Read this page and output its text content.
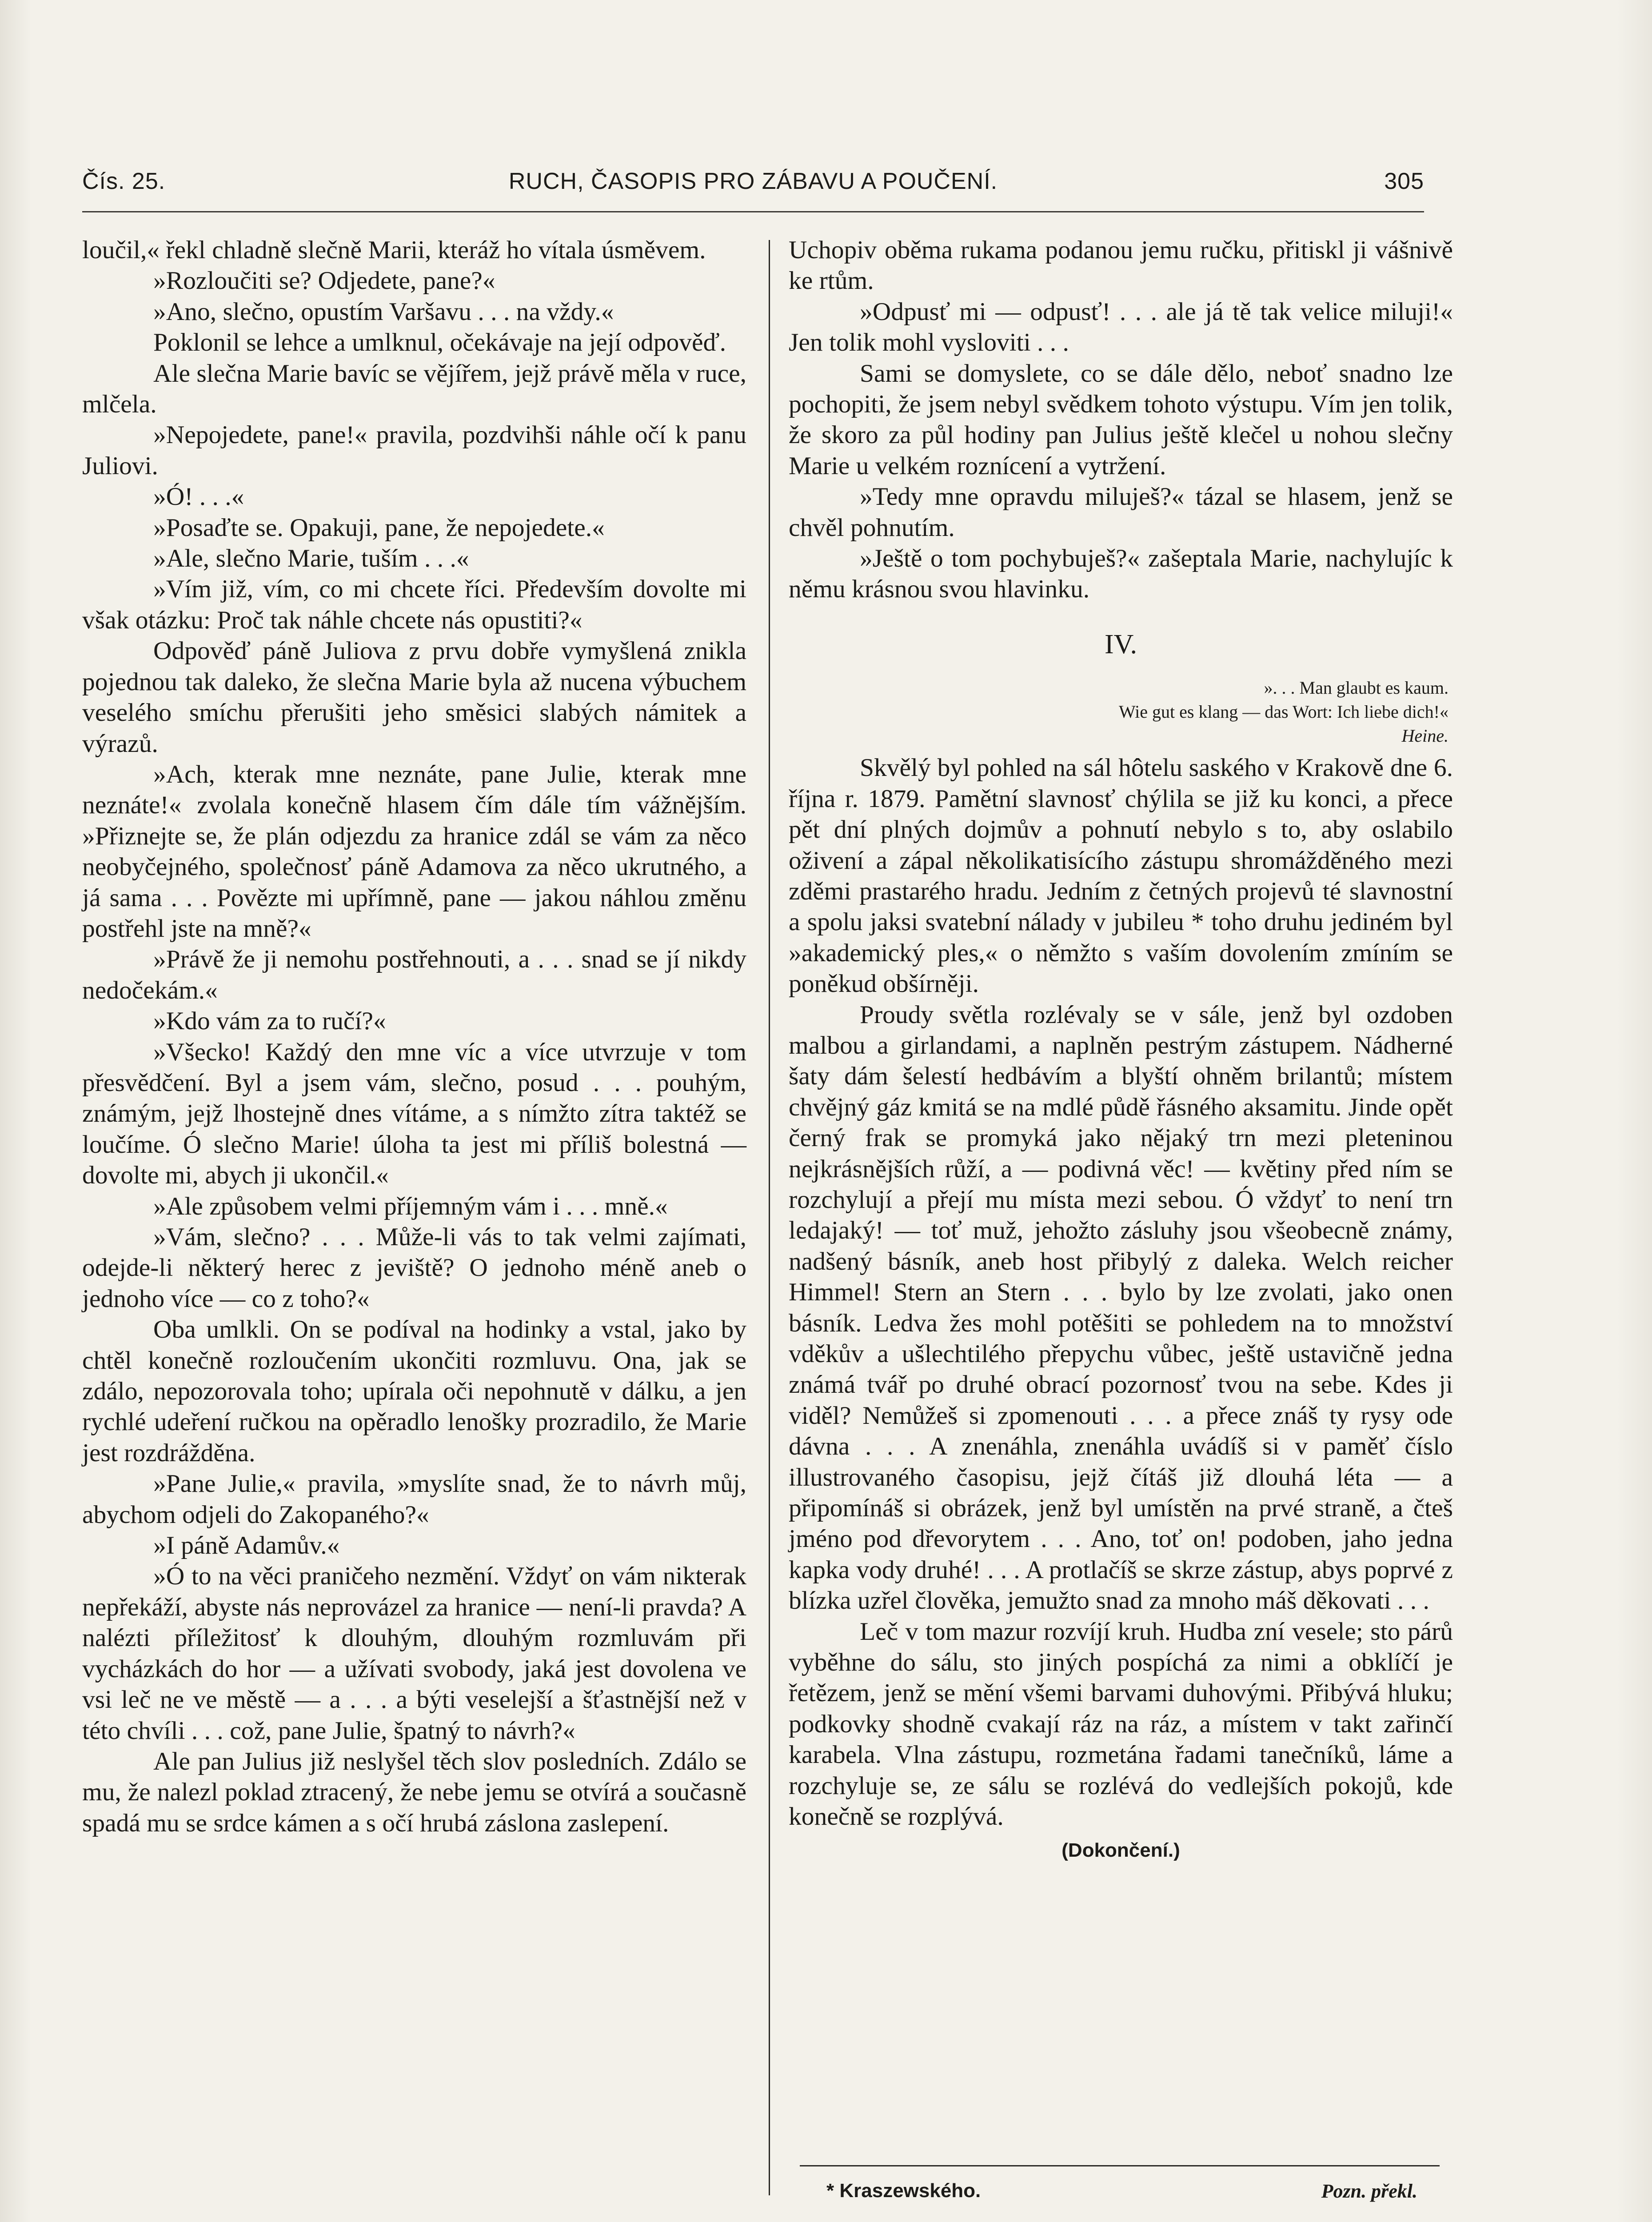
Čís. 25.	RUCH, ČASOPIS PRO ZÁBAVU A POUČENÍ.	305

loučil,« řekl chladně slečně Marii, kteráž ho vítala úsměvem.

»Rozloučiti se? Odjedete, pane?«

»Ano, slečno, opustím Varšavu . . . na vždy.«

Poklonil se lehce a umlknul, očekávaje na její odpověď.

Ale slečna Marie bavíc se vějířem, jejž právě měla v ruce, mlčela.

»Nepojedete, pane!« pravila, pozdvihši náhle očí k panu Juliovi.

»Ó! . . .«

»Posaďte se. Opakuji, pane, že nepojedete.«

»Ale, slečno Marie, tuším . . .«

»Vím již, vím, co mi chcete říci. Především dovolte mi však otázku: Proč tak náhle chcete nás opustiti?«

Odpověď páně Juliova z prvu dobře vymyšlená znikla pojednou tak daleko, že slečna Marie byla až nucena výbuchem veselého smíchu přerušiti jeho směsici slabých námitek a výrazů.

»Ach, kterak mne neznáte, pane Julie, kterak mne neznáte!« zvolala konečně hlasem čím dále tím vážnějším. »Přiznejte se, že plán odjezdu za hranice zdál se vám za něco neobyčejného, společnosť páně Adamova za něco ukrutného, a já sama . . . Povězte mi upřímně, pane — jakou náhlou změnu postřehl jste na mně?«

»Právě že ji nemohu postřehnouti, a . . . snad se jí nikdy nedočekám.«

»Kdo vám za to ručí?«

»Všecko! Každý den mne víc a více utvrzuje v tom přesvědčení. Byl a jsem vám, slečno, posud . . . pouhým, známým, jejž lhostejně dnes vítáme, a s nímžto zítra taktéž se loučíme. Ó slečno Marie! úloha ta jest mi příliš bolestná — dovolte mi, abych ji ukončil.«

»Ale způsobem velmi příjemným vám i . . . mně.«

»Vám, slečno? . . . Může-li vás to tak velmi zajímati, odejde-li některý herec z jeviště? O jednoho méně aneb o jednoho více — co z toho?«

Oba umlkli. On se podíval na hodinky a vstal, jako by chtěl konečně rozloučením ukončiti rozmluvu. Ona, jak se zdálo, nepozorovala toho; upírala oči nepohnutě v dálku, a jen rychlé udeření ručkou na opěradlo lenošky prozradilo, že Marie jest rozdrážděna.

»Pane Julie,« pravila, »myslíte snad, že to návrh můj, abychom odjeli do Zakopaného?«

»I páně Adamův.«

»Ó to na věci praničeho nezmění. Vždyť on vám nikterak nepřekáží, abyste nás neprovázel za hranice — není-li pravda? A nalézti příležitosť k dlouhým, dlouhým rozmluvám při vycházkách do hor — a užívati svobody, jaká jest dovolena ve vsi leč ne ve městě — a . . . a býti veselejší a šťastnější než v této chvíli . . . což, pane Julie, špatný to návrh?«

Ale pan Julius již neslyšel těch slov posledních. Zdálo se mu, že nalezl poklad ztracený, že nebe jemu se otvírá a současně spadá mu se srdce kámen a s očí hrubá záslona zaslepení.

Uchopiv oběma rukama podanou jemu ručku, přitiskl ji vášnivě ke rtům.

»Odpusť mi — odpusť! . . . ale já tě tak velice miluji!« Jen tolik mohl vysloviti . . .

Sami se domyslete, co se dále dělo, neboť snadno lze pochopiti, že jsem nebyl svědkem tohoto výstupu. Vím jen tolik, že skoro za půl hodiny pan Julius ještě klečel u nohou slečny Marie u velkém roznícení a vytržení.

»Tedy mne opravdu miluješ?« tázal se hlasem, jenž se chvěl pohnutím.

»Ještě o tom pochybuješ?« zašeptala Marie, nachylujíc k němu krásnou svou hlavinku.

IV.
». . . Man glaubt es kaum.
Wie gut es klang — das Wort: Ich liebe dich!«
Heine.

Skvělý byl pohled na sál hôtelu saského v Krakově dne 6. října r. 1879. Pamětní slavnosť chýlila se již ku konci, a přece pět dní plných dojmův a pohnutí nebylo s to, aby oslabilo oživení a zápal několikatisícího zástupu shromážděného mezi zděmi prastarého hradu. Jedním z četných projevů té slavnostní a spolu jaksi svatební nálady v jubileu * toho druhu jediném byl »akademický ples,« o němžto s vaším dovolením zmíním se poněkud obšírněji.

Proudy světla rozlévaly se v sále, jenž byl ozdoben malbou a girlandami, a naplněn pestrým zástupem. Nádherné šaty dám šelestí hedbávím a blyští ohněm brilantů; místem chvějný gáz kmitá se na mdlé půdě řásného aksamitu. Jinde opět černý frak se promyká jako nějaký trn mezi pleteninou nejkrásnějších růží, a — podivná věc! — květiny před ním se rozchylují a přejí mu místa mezi sebou. Ó vždyť to není trn ledajaký! — toť muž, jehožto zásluhy jsou všeobecně známy, nadšený básník, aneb host přibylý z daleka. Welch reicher Himmel! Stern an Stern . . . bylo by lze zvolati, jako onen básník. Ledva žes mohl potěšiti se pohledem na to množství vděkův a ušlechtilého přepychu vůbec, ještě ustavičně jedna známá tvář po druhé obrací pozornosť tvou na sebe. Kdes ji viděl? Nemůžeš si zpomenouti . . . a přece znáš ty rysy ode dávna . . . A znenáhla, znenáhla uvádíš si v paměť číslo illustrovaného časopisu, jejž čítáš již dlouhá léta — a připomínáš si obrázek, jenž byl umístěn na prvé straně, a čteš jméno pod dřevorytem . . . Ano, toť on! podoben, jaho jedna kapka vody druhé! . . . A protlačíš se skrze zástup, abys poprvé z blízka uzřel člověka, jemužto snad za mnoho máš děkovati . . .

Leč v tom mazur rozvíjí kruh. Hudba zní vesele; sto párů vyběhne do sálu, sto jiných pospíchá za nimi a obklíčí je řetězem, jenž se mění všemi barvami duhovými. Přibývá hluku; podkovky shodně cvakají ráz na ráz, a místem v takt zařinčí karabela. Vlna zástupu, rozmetána řadami tanečníků, láme a rozchyluje se, ze sálu se rozlévá do vedlejších pokojů, kde konečně se rozplývá.

(Dokončení.)
* Kraszewského.	Pozn. překl.
